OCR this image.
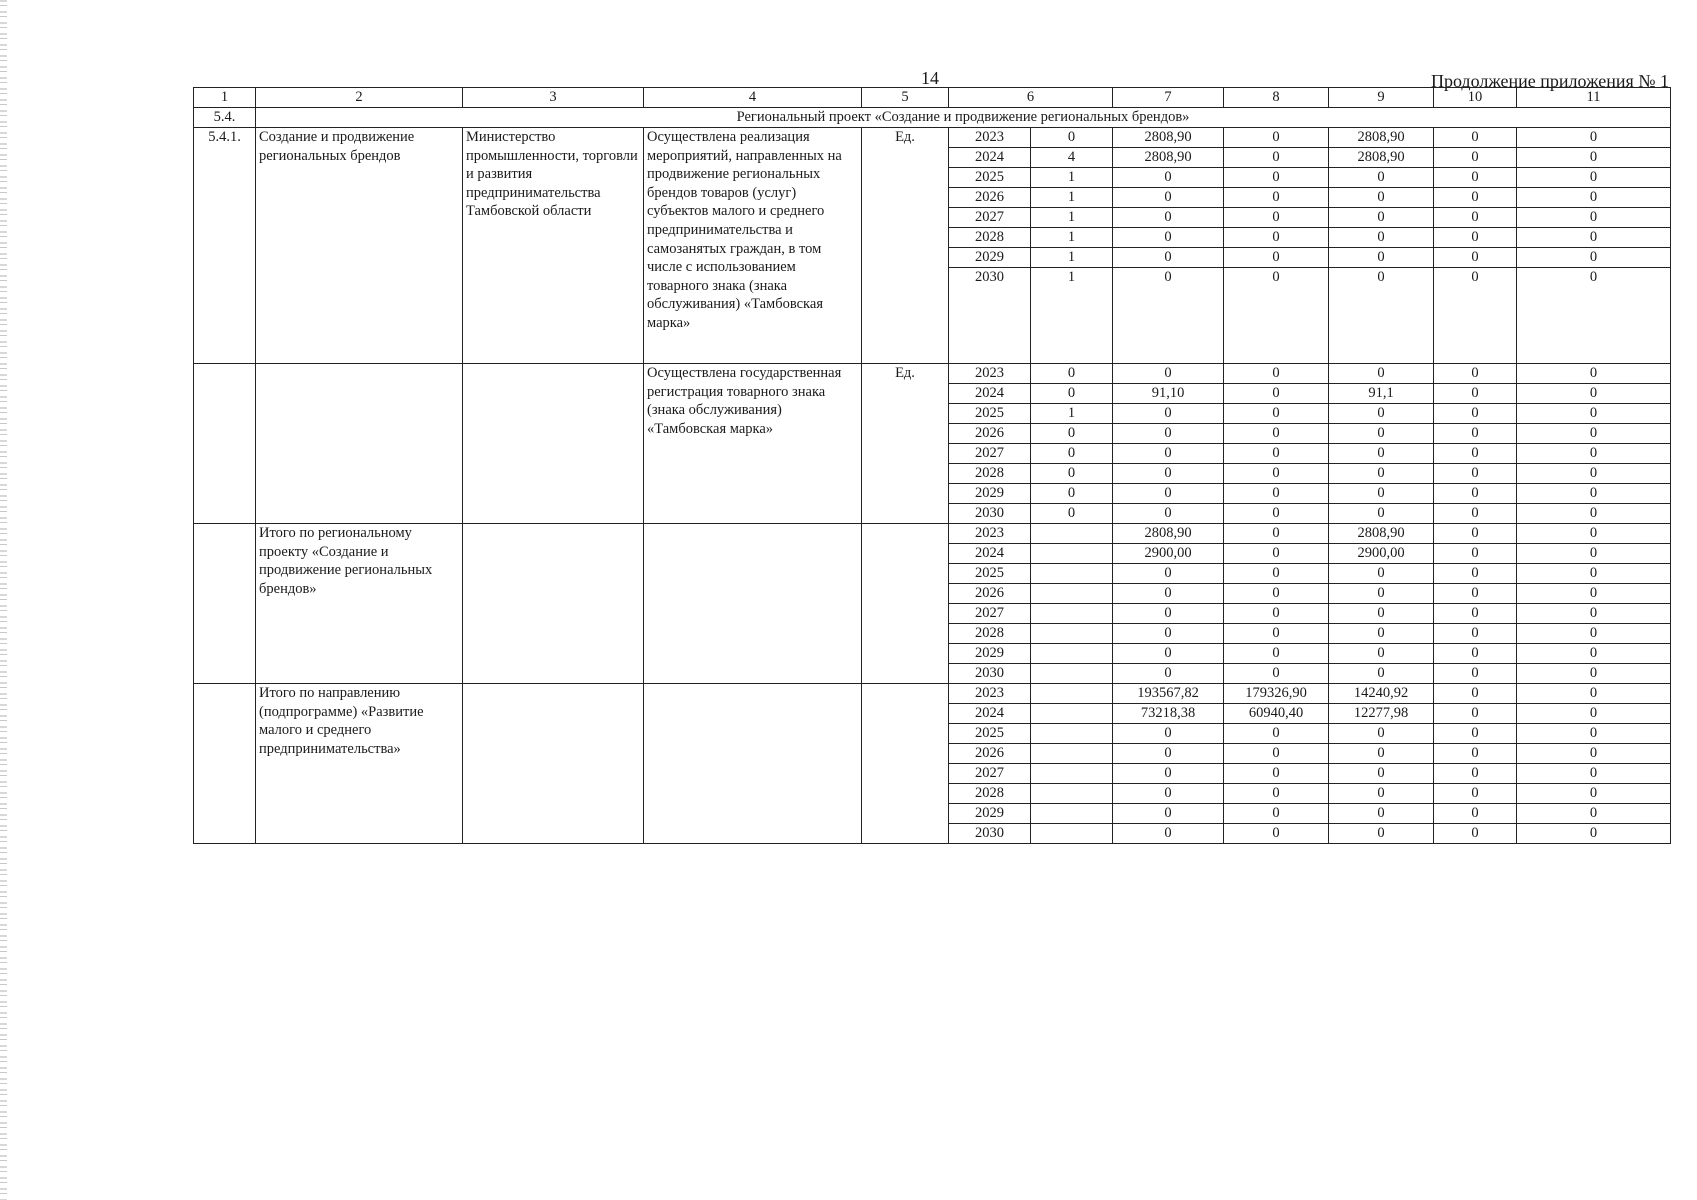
14	Продолжение приложения № 1
1	2	3	4	5	6		7	8	9	10	11
5.4.	Региональный проект «Создание и продвижение региональных брендов»										
5.4.1.	Создание и продвижение региональных брендов	Министерство промышленности, торговли и развития предпринимательства Тамбовской области	Осуществлена реализация мероприятий, направленных на продвижение региональных брендов товаров (услуг) субъектов малого и среднего предпринимательства и самозанятых граждан, в том числе с использованием товарного знака (знака обслуживания) «Тамбовская марка»	Ед.	2023	0	2808,90	0	2808,90	0	0
					2024	4	2808,90	0	2808,90	0	0
					2025	1	0	0	0	0	0
					2026	1	0	0	0	0	0
					2027	1	0	0	0	0	0
					2028	1	0	0	0	0	0
					2029	1	0	0	0	0	0
					2030	1	0	0	0	0	0
			Осуществлена государственная регистрация товарного знака (знака обслуживания) «Тамбовская марка»	Ед.	2023	0	0	0	0	0	0
					2024	0	91,10	0	91,1	0	0
					2025	1	0	0	0	0	0
					2026	0	0	0	0	0	0
					2027	0	0	0	0	0	0
					2028	0	0	0	0	0	0
					2029	0	0	0	0	0	0
					2030	0	0	0	0	0	0
	Итого по региональному проекту «Создание и продвижение региональных брендов»				2023		2808,90	0	2808,90	0	0
					2024		2900,00	0	2900,00	0	0
					2025		0	0	0	0	0
					2026		0	0	0	0	0
					2027		0	0	0	0	0
					2028		0	0	0	0	0
					2029		0	0	0	0	0
					2030		0	0	0	0	0
	Итого по направлению (подпрограмме) «Развитие малого и среднего предпринимательства»				2023		193567,82	179326,90	14240,92	0	0
					2024		73218,38	60940,40	12277,98	0	0
					2025		0	0	0	0	0
					2026		0	0	0	0	0
					2027		0	0	0	0	0
					2028		0	0	0	0	0
					2029		0	0	0	0	0
					2030		0	0	0	0	0
